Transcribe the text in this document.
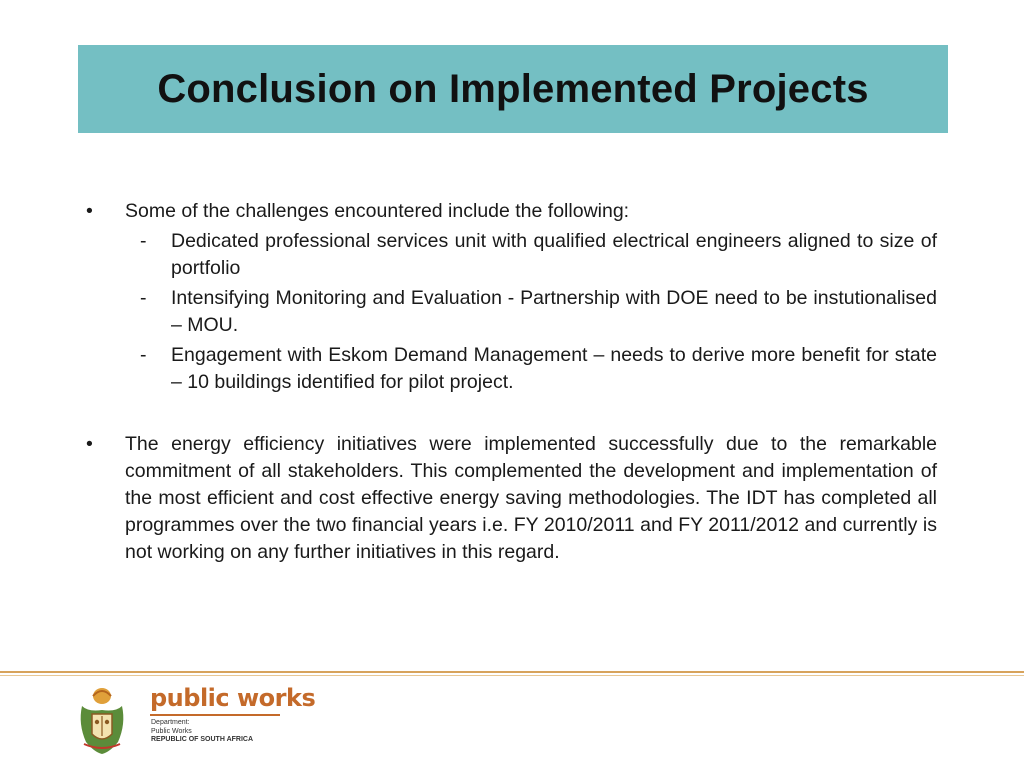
Conclusion on Implemented Projects
•	Some of the challenges encountered include the following:
- Dedicated professional services unit with qualified electrical engineers aligned to size of portfolio
- Intensifying Monitoring and Evaluation - Partnership with DOE need to be instutionalised – MOU.
- Engagement with Eskom Demand Management – needs to derive more benefit for state – 10 buildings identified for pilot project.
•	The energy efficiency initiatives were implemented successfully due to the remarkable commitment of all stakeholders. This complemented the development and implementation of the most efficient and cost effective energy saving methodologies. The IDT has completed all programmes over the two financial years i.e. FY 2010/2011 and FY 2011/2012 and currently is not working on any further initiatives in this regard.
public works
Department:
Public Works
REPUBLIC OF SOUTH AFRICA
